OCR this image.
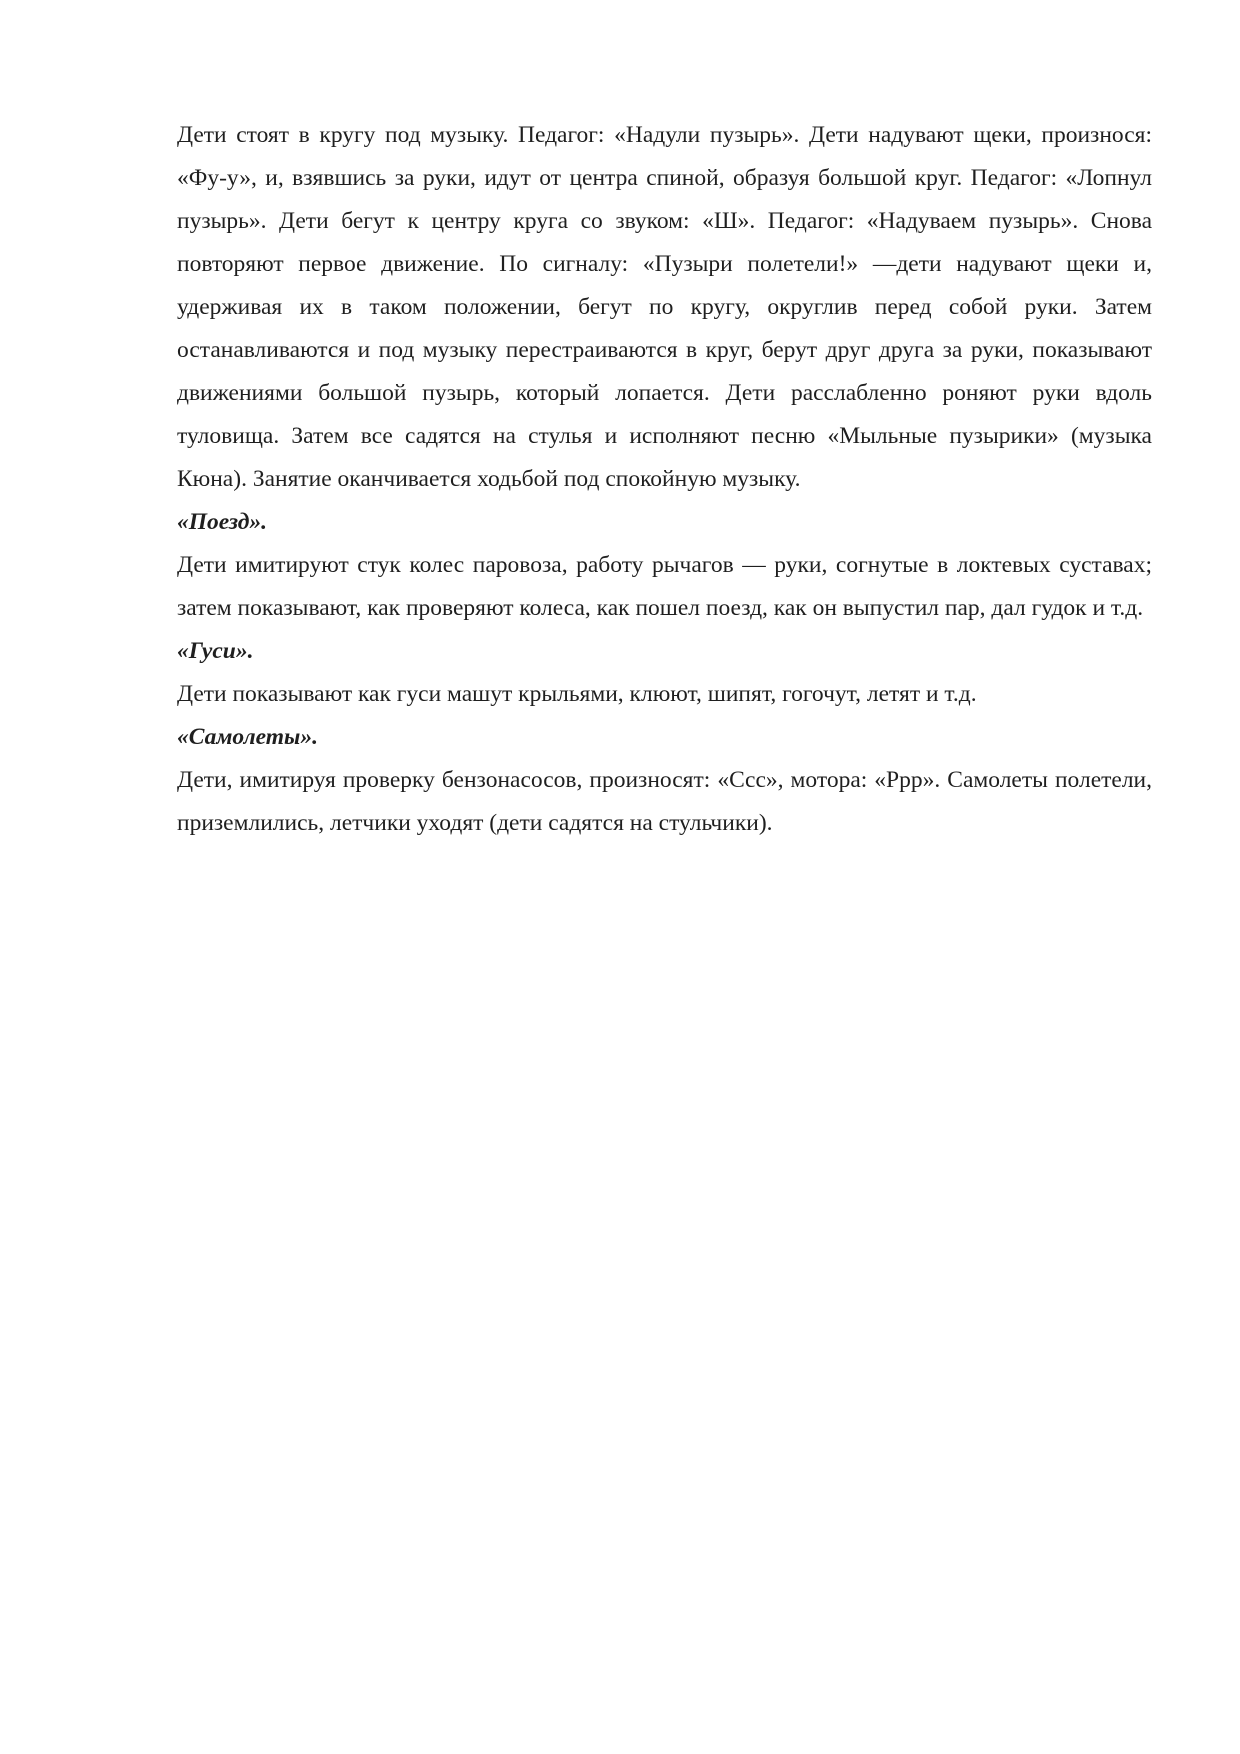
Дети стоят в кругу под музыку. Педагог: «Надули пузырь». Дети надувают щеки, произнося: «Фу-у», и, взявшись за руки, идут от центра спиной, образуя большой круг. Педагог: «Лопнул пузырь». Дети бегут к центру круга со звуком: «Ш». Педагог: «Надуваем пузырь». Снова повторяют первое движение. По сигналу: «Пузыри полетели!» —дети надувают щеки и, удерживая их в таком положении, бегут по кругу, округлив перед собой руки. Затем останавливаются и под музыку перестраиваются в круг, берут друг друга за руки, показывают движениями большой пузырь, который лопается. Дети расслабленно роняют руки вдоль туловища. Затем все садятся на стулья и исполняют песню «Мыльные пузырики» (музыка Кюна). Занятие оканчивается ходьбой под спокойную музыку.

«Поезд».

Дети имитируют стук колес паровоза, работу рычагов — руки, согнутые в локтевых суставах; затем показывают, как проверяют колеса, как пошел поезд, как он выпустил пар, дал гудок и т.д.

«Гуси».

Дети показывают как гуси машут крыльями, клюют, шипят, гогочут, летят и т.д.

«Самолеты».

Дети, имитируя проверку бензонасосов, произносят: «Ссс», мотора: «Ррр». Самолеты полетели, приземлились, летчики уходят (дети садятся на стульчики).
